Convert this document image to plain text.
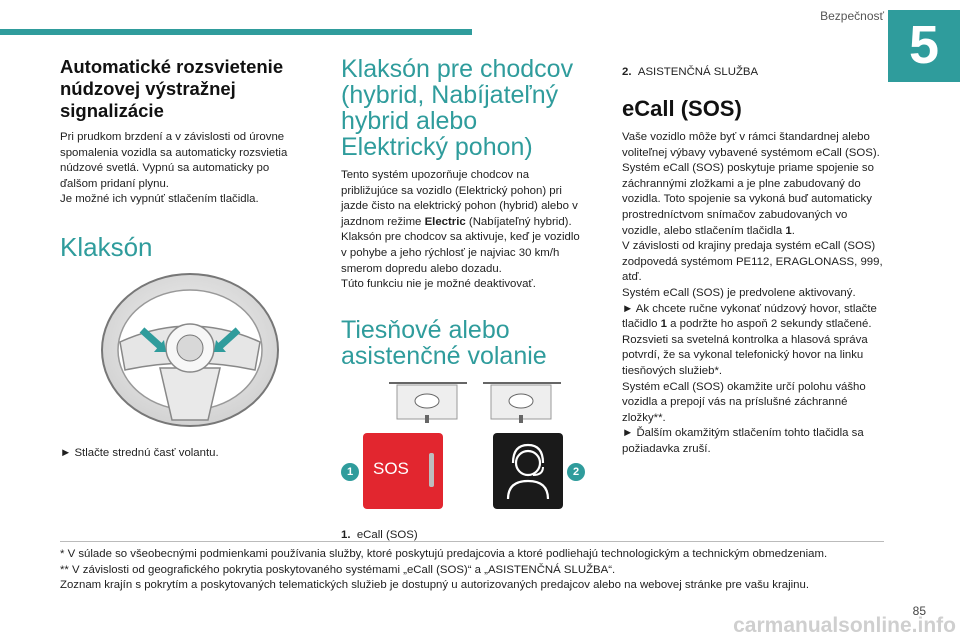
Bezpečnosť 5
Automatické rozsvietenie núdzovej výstražnej signalizácie

Pri prudkom brzdení a v závislosti od úrovne spomalenia vozidla sa automaticky rozsvietia núdzové svetlá. Vypnú sa automaticky po ďalšom pridaní plynu.
Je možné ich vypnúť stlačením tlačidla.

Klaksón

► Stlačte strednú časť volantu.

Klaksón pre chodcov (hybrid, Nabíjateľný hybrid alebo Elektrický pohon)

Tento systém upozorňuje chodcov na približujúce sa vozidlo (Elektrický pohon) pri jazde čisto na elektrický pohon (hybrid) alebo v jazdnom režime Electric (Nabíjateľný hybrid).
Klaksón pre chodcov sa aktivuje, keď je vozidlo v pohybe a jeho rýchlosť je najviac 30 km/h smerom dopredu alebo dozadu.
Túto funkciu nie je možné deaktivovať.

Tiesňové alebo asistenčné volanie
1	SOS	2

1. eCall (SOS)

2. ASISTENČNÁ SLUŽBA

eCall (SOS)

Vaše vozidlo môže byť v rámci štandardnej alebo voliteľnej výbavy vybavené systémom eCall (SOS).
Systém eCall (SOS) poskytuje priame spojenie so záchrannými zložkami a je plne zabudovaný do vozidla. Toto spojenie sa vykoná buď automaticky prostredníctvom snímačov zabudovaných vo vozidle, alebo stlačením tlačidla 1.
V závislosti od krajiny predaja systém eCall (SOS) zodpovedá systémom PE112, ERAGLONASS, 999, atď.
Systém eCall (SOS) je predvolene aktivovaný.
► Ak chcete ručne vykonať núdzový hovor, stlačte tlačidlo 1 a podržte ho aspoň 2 sekundy stlačené.
Rozsvieti sa svetelná kontrolka a hlasová správa potvrdí, že sa vykonal telefonický hovor na linku tiesňových služieb*.
Systém eCall (SOS) okamžite určí polohu vášho vozidla a prepojí vás na príslušné záchranné zložky**.
► Ďalším okamžitým stlačením tohto tlačidla sa požiadavka zruší.

* V súlade so všeobecnými podmienkami používania služby, ktoré poskytujú predajcovia a ktoré podliehajú technologickým a technickým obmedzeniam.
** V závislosti od geografického pokrytia poskytovaného systémami „eCall (SOS)“ a „ASISTENČNÁ SLUŽBA“.
Zoznam krajín s pokrytím a poskytovaných telematických služieb je dostupný u autorizovaných predajcov alebo na webovej stránke pre vašu krajinu.
85
carmanualsonline.info
